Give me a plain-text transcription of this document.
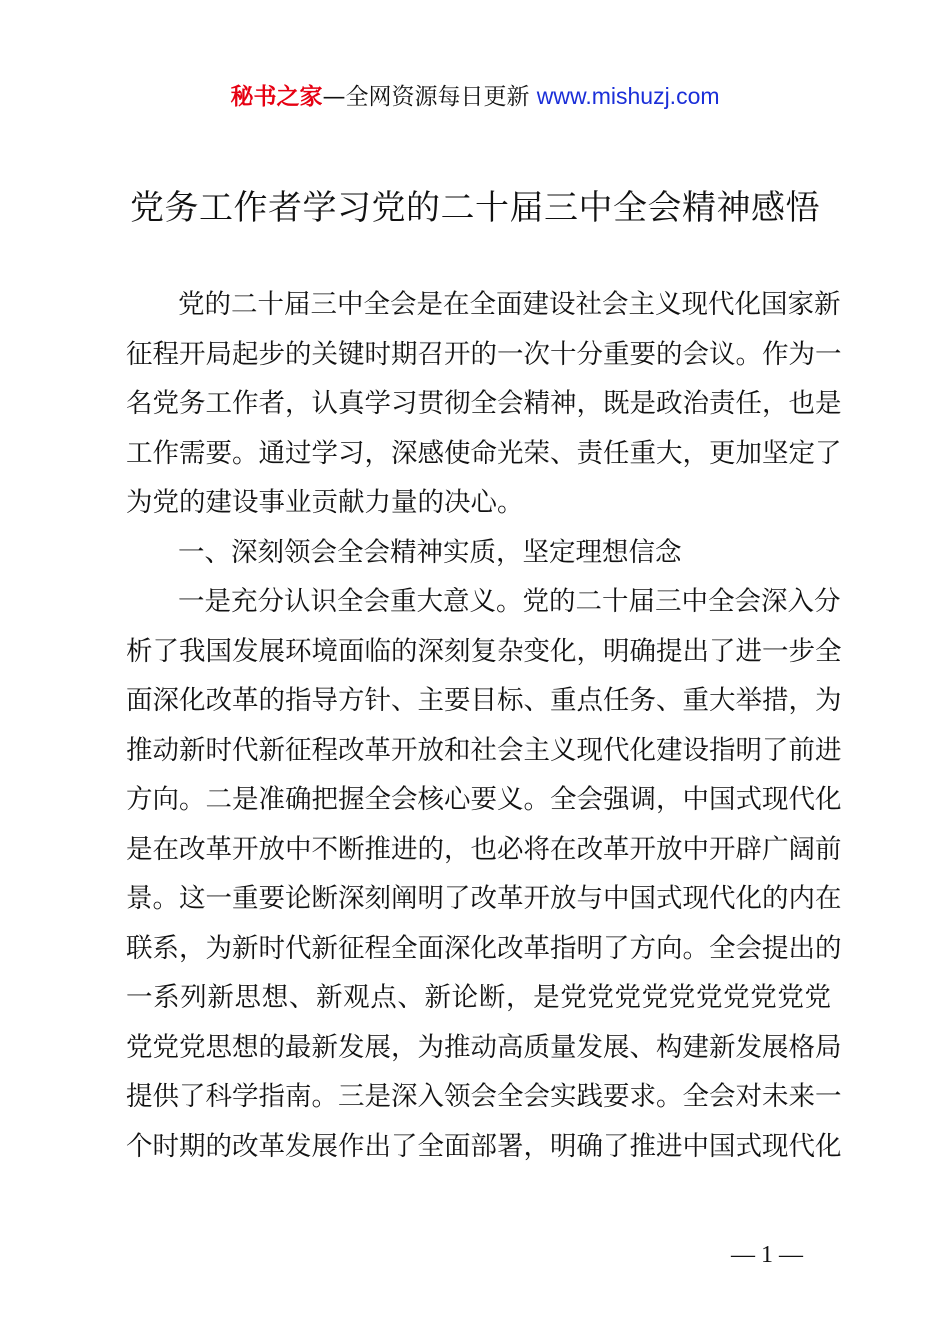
秘书之家—全网资源每日更新 www.mishuzj.com
党务工作者学习党的二十届三中全会精神感悟
党的二十届三中全会是在全面建设社会主义现代化国家新
征程开局起步的关键时期召开的一次十分重要的会议。作为一
名党务工作者，认真学习贯彻全会精神，既是政治责任，也是
工作需要。通过学习，深感使命光荣、责任重大，更加坚定了
为党的建设事业贡献力量的决心。
一、深刻领会全会精神实质，坚定理想信念
一是充分认识全会重大意义。党的二十届三中全会深入分
析了我国发展环境面临的深刻复杂变化，明确提出了进一步全
面深化改革的指导方针、主要目标、重点任务、重大举措，为
推动新时代新征程改革开放和社会主义现代化建设指明了前进
方向。二是准确把握全会核心要义。全会强调，中国式现代化
是在改革开放中不断推进的，也必将在改革开放中开辟广阔前
景。这一重要论断深刻阐明了改革开放与中国式现代化的内在
联系，为新时代新征程全面深化改革指明了方向。全会提出的
一系列新思想、新观点、新论断，是党党党党党党党党党党
党党党思想的最新发展，为推动高质量发展、构建新发展格局
提供了科学指南。三是深入领会全会实践要求。全会对未来一
个时期的改革发展作出了全面部署，明确了推进中国式现代化
— 1 —
